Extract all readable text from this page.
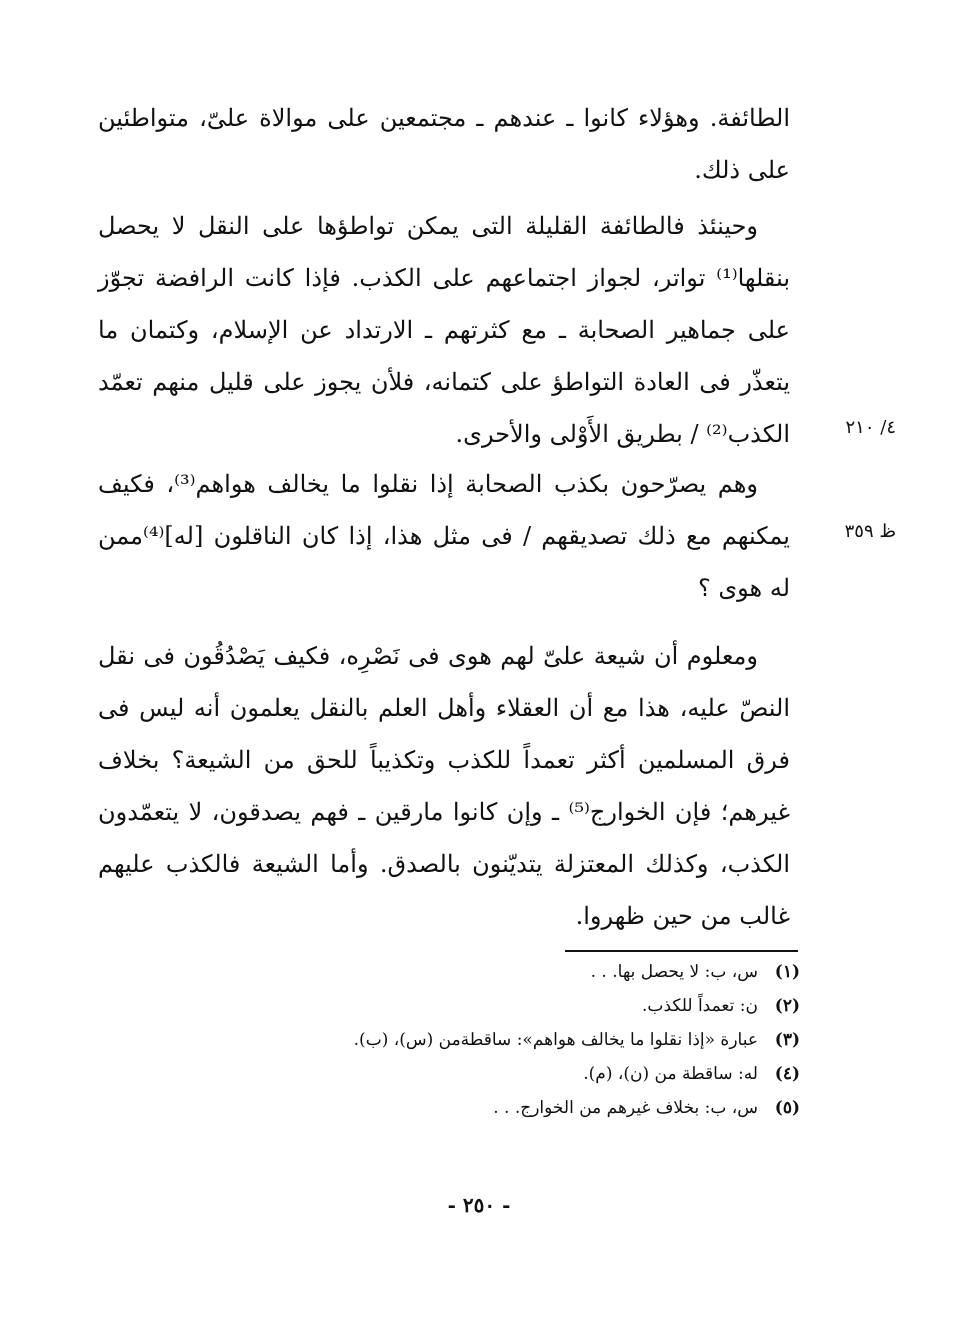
الطائفة. وهؤلاء كانوا ـ عندهم ـ مجتمعين على موالاة علىّ، متواطئين
على ذلك.
وحينئذ فالطائفة القليلة التى يمكن تواطؤها على النقل لا يحصل
بنقلها⁽¹⁾ تواتر، لجواز اجتماعهم على الكذب. فإذا كانت الرافضة تجوّز
على جماهير الصحابة ـ مع كثرتهم ـ الارتداد عن الإسلام، وكتمان ما
يتعذّر فى العادة التواطؤ على كتمانه، فلأن يجوز على قليل منهم تعمّد
الكذب⁽²⁾ / بطريق الأَوْلى والأحرى.
وهم يصرّحون بكذب الصحابة إذا نقلوا ما يخالف هواهم⁽³⁾، فكيف
يمكنهم مع ذلك تصديقهم / فى مثل هذا، إذا كان الناقلون [له]⁽⁴⁾ممن
له هوى ؟
ومعلوم أن شيعة علىّ لهم هوى فى نَصْرِه، فكيف يَصْدُقُون فى نقل
النصّ عليه، هذا مع أن العقلاء وأهل العلم بالنقل يعلمون أنه ليس فى
فرق المسلمين أكثر تعمداً للكذب وتكذيباً للحق من الشيعة؟ بخلاف
غيرهم؛ فإن الخوارج⁽⁵⁾ ـ وإن كانوا مارقين ـ فهم يصدقون، لا يتعمّدون
الكذب، وكذلك المعتزلة يتديّنون بالصدق. وأما الشيعة فالكذب عليهم
غالب من حين ظهروا.
٤/ ٢١٠
ظ ٣٥٩
(١)
س، ب: لا يحصل بها. . .
(٢)
ن: تعمداً للكذب.
(٣)
عبارة «إذا نقلوا ما يخالف هواهم»: ساقطةمن (س)، (ب).
(٤)
له: ساقطة من (ن)، (م).
(٥)
س، ب: بخلاف غيرهم من الخوارج. . .
- ٢٥٠ -
